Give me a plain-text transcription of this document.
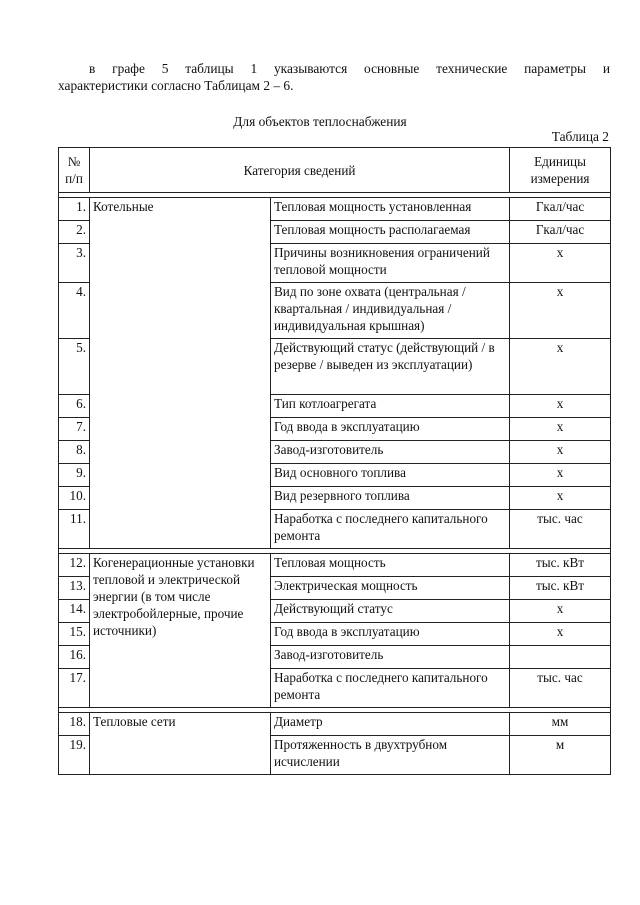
в графе 5 таблицы 1 указываются основные технические параметры и
характеристики согласно Таблицам 2 – 6.

Для объектов теплоснабжения

Таблица 2

№ п/п	Категория сведений		Единицы измерения

1.	Котельные	Тепловая мощность установленная	Гкал/час
2.		Тепловая мощность располагаемая	Гкал/час
3.		Причины возникновения ограничений тепловой мощности	x
4.		Вид по зоне охвата (центральная / квартальная / индивидуальная / индивидуальная крышная)	x
5.		Действующий статус (действующий / в резерве / выведен из эксплуатации)	x
6.		Тип котлоагрегата	x
7.		Год ввода в эксплуатацию	x
8.		Завод-изготовитель	x
9.		Вид основного топлива	x
10.		Вид резервного топлива	x
11.		Наработка с последнего капитального ремонта	тыс. час

12.	Когенерационные установки тепловой и электрической энергии (в том числе электробойлерные, прочие источники)	Тепловая мощность	тыс. кВт
13.		Электрическая мощность	тыс. кВт
14.		Действующий статус	x
15.		Год ввода в эксплуатацию	x
16.		Завод-изготовитель	
17.		Наработка с последнего капитального ремонта	тыс. час

18.	Тепловые сети	Диаметр	мм
19.		Протяженность в двухтрубном исчислении	м
